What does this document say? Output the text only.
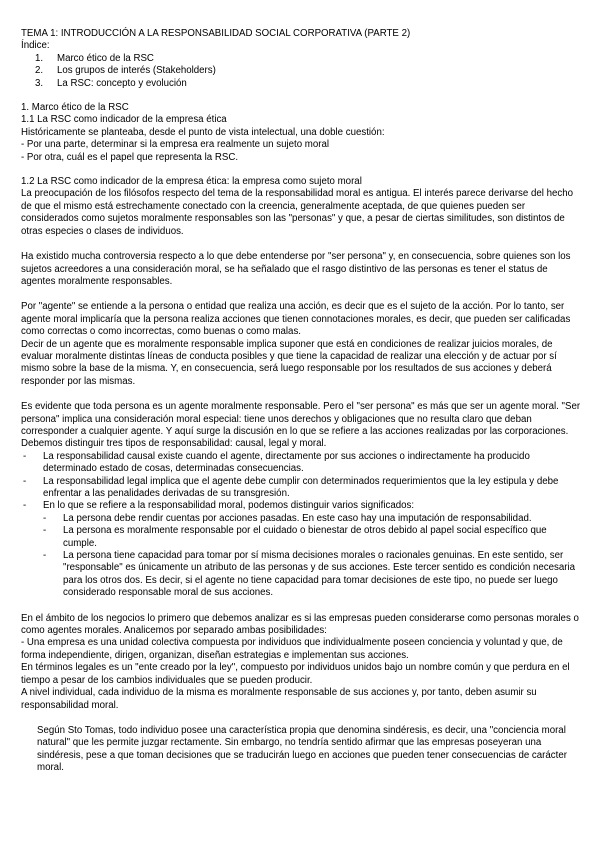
TEMA 1: INTRODUCCIÓN A LA RESPONSABILIDAD SOCIAL CORPORATIVA (PARTE 2)

Índice:

1. Marco ético de la RSC
2. Los grupos de interés (Stakeholders)
3. La RSC: concepto y evolución

1. Marco ético de la RSC

1.1 La RSC como indicador de la empresa ética

Históricamente se planteaba, desde el punto de vista intelectual, una doble cuestión:

- Por una parte, determinar si la empresa era realmente un sujeto moral

- Por otra, cuál es el papel que representa la RSC.

1.2 La RSC como indicador de la empresa ética: la empresa como sujeto moral

La preocupación de los filósofos respecto del tema de la responsabilidad moral es antigua. El interés parece derivarse del hecho de que el mismo está estrechamente conectado con la creencia, generalmente aceptada, de que quienes pueden ser considerados como sujetos moralmente responsables son las "personas" y que, a pesar de ciertas similitudes, son distintos de otras especies o clases de individuos.

Ha existido mucha controversia respecto a lo que debe entenderse por "ser persona" y, en consecuencia, sobre quienes son los sujetos acreedores a una consideración moral, se ha señalado que el rasgo distintivo de las personas es tener el status de agentes moralmente responsables.

Por "agente" se entiende a la persona o entidad que realiza una acción, es decir que es el sujeto de la acción. Por lo tanto, ser agente moral implicaría que la persona realiza acciones que tienen connotaciones morales, es decir, que pueden ser calificadas como correctas o como incorrectas, como buenas o como malas.

Decir de un agente que es moralmente responsable implica suponer que está en condiciones de realizar juicios morales, de evaluar moralmente distintas líneas de conducta posibles y que tiene la capacidad de realizar una elección y de actuar por sí mismo sobre la base de la misma. Y, en consecuencia, será luego responsable por los resultados de sus acciones y deberá responder por las mismas.

Es evidente que toda persona es un agente moralmente responsable. Pero el "ser persona" es más que ser un agente moral. "Ser persona" implica una consideración moral especial: tiene unos derechos y obligaciones que no resulta claro que deban corresponder a cualquier agente. Y aquí surge la discusión en lo que se refiere a las acciones realizadas por las corporaciones. Debemos distinguir tres tipos de responsabilidad: causal, legal y moral.

- La responsabilidad causal existe cuando el agente, directamente por sus acciones o indirectamente ha producido determinado estado de cosas, determinadas consecuencias.
- La responsabilidad legal implica que el agente debe cumplir con determinados requerimientos que la ley estipula y debe enfrentar a las penalidades derivadas de su transgresión.
- En lo que se refiere a la responsabilidad moral, podemos distinguir varios significados:
- La persona debe rendir cuentas por acciones pasadas. En este caso hay una imputación de responsabilidad.
- La persona es moralmente responsable por el cuidado o bienestar de otros debido al papel social específico que cumple.
- La persona tiene capacidad para tomar por sí misma decisiones morales o racionales genuinas. En este sentido, ser "responsable" es únicamente un atributo de las personas y de sus acciones. Este tercer sentido es condición necesaria para los otros dos. Es decir, si el agente no tiene capacidad para tomar decisiones de este tipo, no puede ser luego considerado responsable moral de sus acciones.

En el ámbito de los negocios lo primero que debemos analizar es si las empresas pueden considerarse como personas morales o como agentes morales. Analicemos por separado ambas posibilidades:

- Una empresa es una unidad colectiva compuesta por individuos que individualmente poseen conciencia y voluntad y que, de forma independiente, dirigen, organizan, diseñan estrategias e implementan sus acciones.

En términos legales es un "ente creado por la ley", compuesto por individuos unidos bajo un nombre común y que perdura en el tiempo a pesar de los cambios individuales que se pueden producir.

A nivel individual, cada individuo de la misma es moralmente responsable de sus acciones y, por tanto, deben asumir su responsabilidad moral.

Según Sto Tomas, todo individuo posee una característica propia que denomina sindéresis, es decir, una "conciencia moral natural" que les permite juzgar rectamente. Sin embargo, no tendría sentido afirmar que las empresas poseyeran una sindéresis, pese a que toman decisiones que se traducirán luego en acciones que pueden tener consecuencias de carácter moral.
